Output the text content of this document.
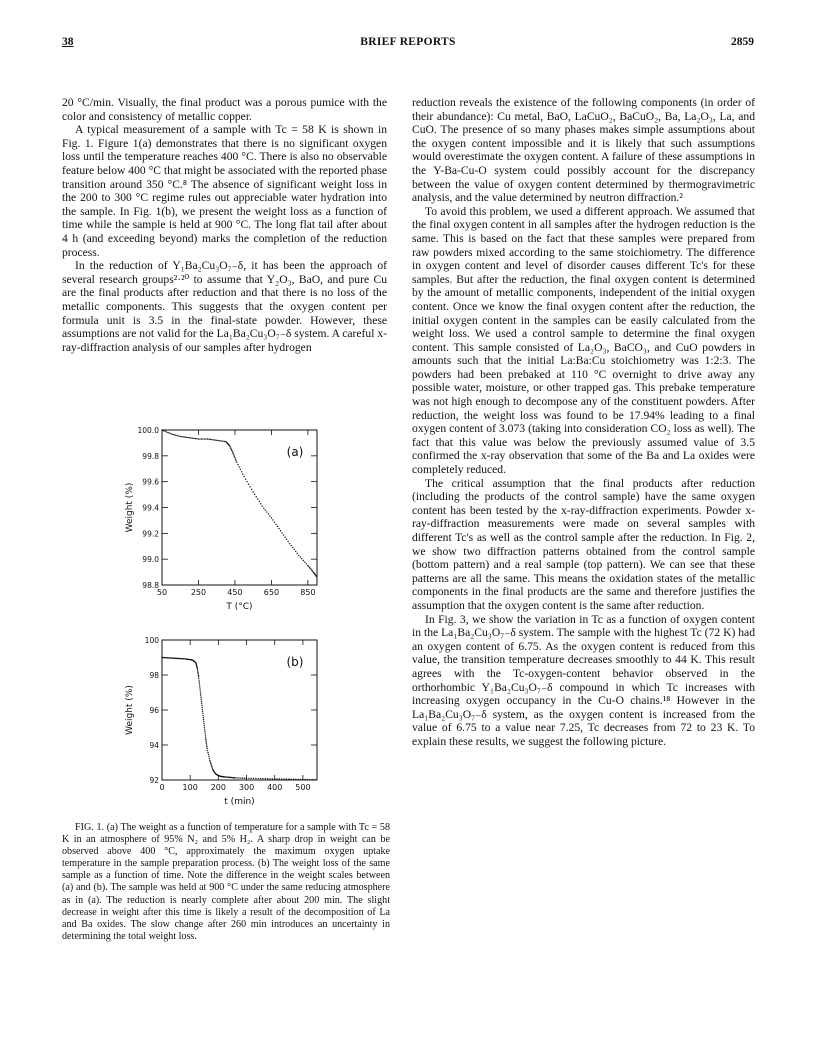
38	BRIEF REPORTS	2859

20 °C/min. Visually, the final product was a porous pumice with the color and consistency of metallic copper.

A typical measurement of a sample with Tc = 58 K is shown in Fig. 1. Figure 1(a) demonstrates that there is no significant oxygen loss until the temperature reaches 400 °C. There is also no observable feature below 400 °C that might be associated with the reported phase transition around 350 °C.⁸ The absence of significant weight loss in the 200 to 300 °C regime rules out appreciable water hydration into the sample. In Fig. 1(b), we present the weight loss as a function of time while the sample is held at 900 °C. The long flat tail after about 4 h (and exceeding beyond) marks the completion of the reduction process.

In the reduction of Y₁Ba₂Cu₃O₇₋δ, it has been the approach of several research groups²·²⁰ to assume that Y₂O₃, BaO, and pure Cu are the final products after reduction and that there is no loss of the metallic components. This suggests that the oxygen content per formula unit is 3.5 in the final-state powder. However, these assumptions are not valid for the La₁Ba₂Cu₃O₇₋δ system. A careful x-ray-diffraction analysis of our samples after hydrogen

50	250	450	650	850
98.8
99.0
99.2
99.4
99.6
99.8
100.0
(a)
T (°C)
Weight (%)
0 100 200 300 400 500
92
94
96
98
100
(b)
t (min)
Weight (%)

FIG. 1. (a) The weight as a function of temperature for a sample with Tc = 58 K in an atmosphere of 95% N₂ and 5% H₂. A sharp drop in weight can be observed above 400 °C, approximately the maximum oxygen uptake temperature in the sample preparation process. (b) The weight loss of the same sample as a function of time. Note the difference in the weight scales between (a) and (b). The sample was held at 900 °C under the same reducing atmosphere as in (a). The reduction is nearly complete after about 200 min. The slight decrease in weight after this time is likely a result of the decomposition of La and Ba oxides. The slow change after 260 min introduces an uncertainty in determining the total weight loss.

reduction reveals the existence of the following components (in order of their abundance): Cu metal, BaO, LaCuO₂, BaCuO₂, Ba, La₂O₃, La, and CuO. The presence of so many phases makes simple assumptions about the oxygen content impossible and it is likely that such assumptions would overestimate the oxygen content. A failure of these assumptions in the Y-Ba-Cu-O system could possibly account for the discrepancy between the value of oxygen content determined by thermogravimetric analysis, and the value determined by neutron diffraction.²

To avoid this problem, we used a different approach. We assumed that the final oxygen content in all samples after the hydrogen reduction is the same. This is based on the fact that these samples were prepared from raw powders mixed according to the same stoichiometry. The difference in oxygen content and level of disorder causes different Tc's for these samples. But after the reduction, the final oxygen content is determined by the amount of metallic components, independent of the initial oxygen content. Once we know the final oxygen content after the reduction, the initial oxygen content in the samples can be easily calculated from the weight loss. We used a control sample to determine the final oxygen content. This sample consisted of La₂O₃, BaCO₃, and CuO powders in amounts such that the initial La:Ba:Cu stoichiometry was 1:2:3. The powders had been prebaked at 110 °C overnight to drive away any possible water, moisture, or other trapped gas. This prebake temperature was not high enough to decompose any of the constituent powders. After reduction, the weight loss was found to be 17.94% leading to a final oxygen content of 3.073 (taking into consideration CO₂ loss as well). The fact that this value was below the previously assumed value of 3.5 confirmed the x-ray observation that some of the Ba and La oxides were completely reduced.

The critical assumption that the final products after reduction (including the products of the control sample) have the same oxygen content has been tested by the x-ray-diffraction experiments. Powder x-ray-diffraction measurements were made on several samples with different Tc's as well as the control sample after the reduction. In Fig. 2, we show two diffraction patterns obtained from the control sample (bottom pattern) and a real sample (top pattern). We can see that these patterns are all the same. This means the oxidation states of the metallic components in the final products are the same and therefore justifies the assumption that the oxygen content is the same after reduction.

In Fig. 3, we show the variation in Tc as a function of oxygen content in the La₁Ba₂Cu₃O₇₋δ system. The sample with the highest Tc (72 K) had an oxygen content of 6.75. As the oxygen content is reduced from this value, the transition temperature decreases smoothly to 44 K. This result agrees with the Tc-oxygen-content behavior observed in the orthorhombic Y₁Ba₂Cu₃O₇₋δ compound in which Tc increases with increasing oxygen occupancy in the Cu-O chains.¹⁸ However in the La₁Ba₂Cu₃O₇₋δ system, as the oxygen content is increased from the value of 6.75 to a value near 7.25, Tc decreases from 72 to 23 K. To explain these results, we suggest the following picture.
